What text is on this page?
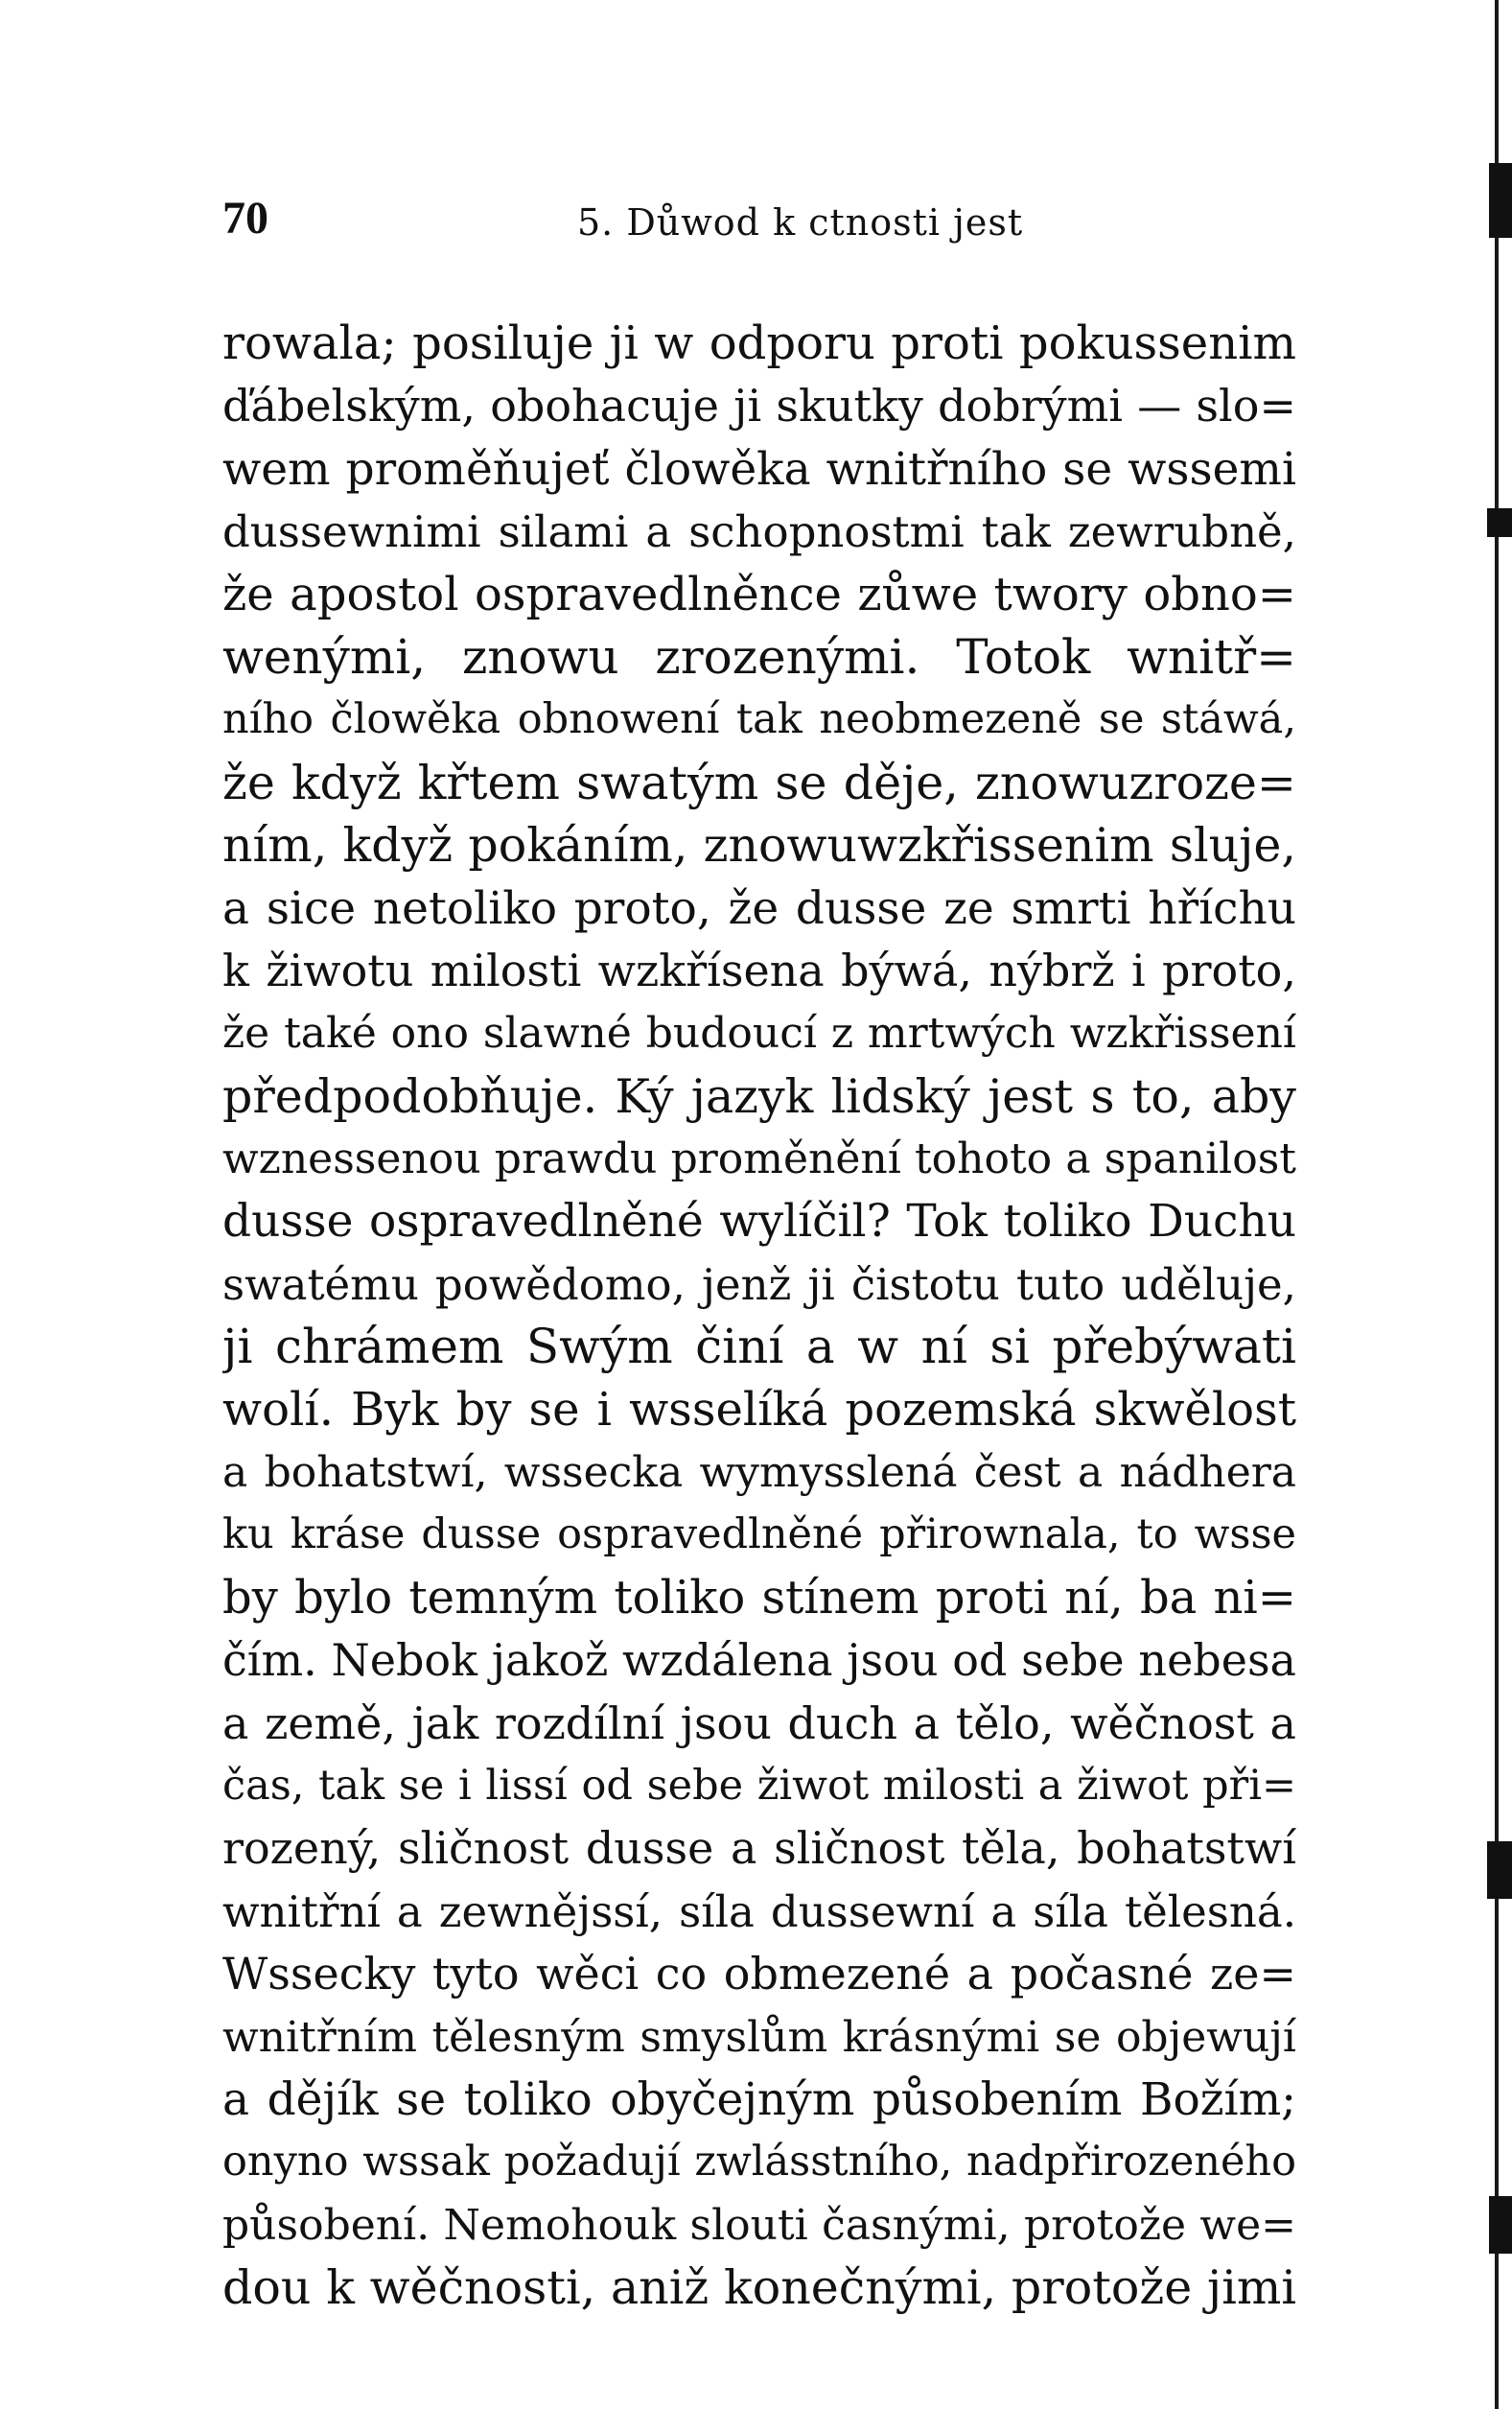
70	5. Důwod k ctnosti jest
rowala; posiluje ji w odporu proti pokussenim
ďábelským, obohacuje ji skutky dobrými — slo=
wem proměňujeť člowěka wnitřního se wssemi
dussewnimi silami a schopnostmi tak zewrubně,
že apostol ospravedlněnce zůwe twory obno=
wenými, znowu zrozenými. Totok wnitř=
ního člowěka obnowení tak neobmezeně se stáwá,
že když křtem swatým se děje, znowuzroze=
ním, když pokáním, znowuwzkřissenim sluje,
a sice netoliko proto, že dusse ze smrti hříchu
k žiwotu milosti wzkřísena býwá, nýbrž i proto,
že také ono slawné budoucí z mrtwých wzkřissení
předpodobňuje. Ký jazyk lidský jest s to, aby
wznessenou prawdu proměnění tohoto a spanilost
dusse ospravedlněné wylíčil? Tok toliko Duchu
swatému powědomo, jenž ji čistotu tuto uděluje,
ji chrámem Swým činí a w ní si přebýwati
wolí. Byk by se i wsselíká pozemská skwělost
a bohatstwí, wssecka wymysslená čest a nádhera
ku kráse dusse ospravedlněné přirownala, to wsse
by bylo temným toliko stínem proti ní, ba ni=
čím. Nebok jakož wzdálena jsou od sebe nebesa
a země, jak rozdílní jsou duch a tělo, wěčnost a
čas, tak se i lissí od sebe žiwot milosti a žiwot při=
rozený, sličnost dusse a sličnost těla, bohatstwí
wnitřní a zewnějssí, síla dussewní a síla tělesná.
Wssecky tyto wěci co obmezené a počasné ze=
wnitřním tělesným smyslům krásnými se objewují
a dějík se toliko obyčejným působením Božím;
onyno wssak požadují zwlásstního, nadpřirozeného
působení. Nemohouk slouti časnými, protože we=
dou k wěčnosti, aniž konečnými, protože jimi
